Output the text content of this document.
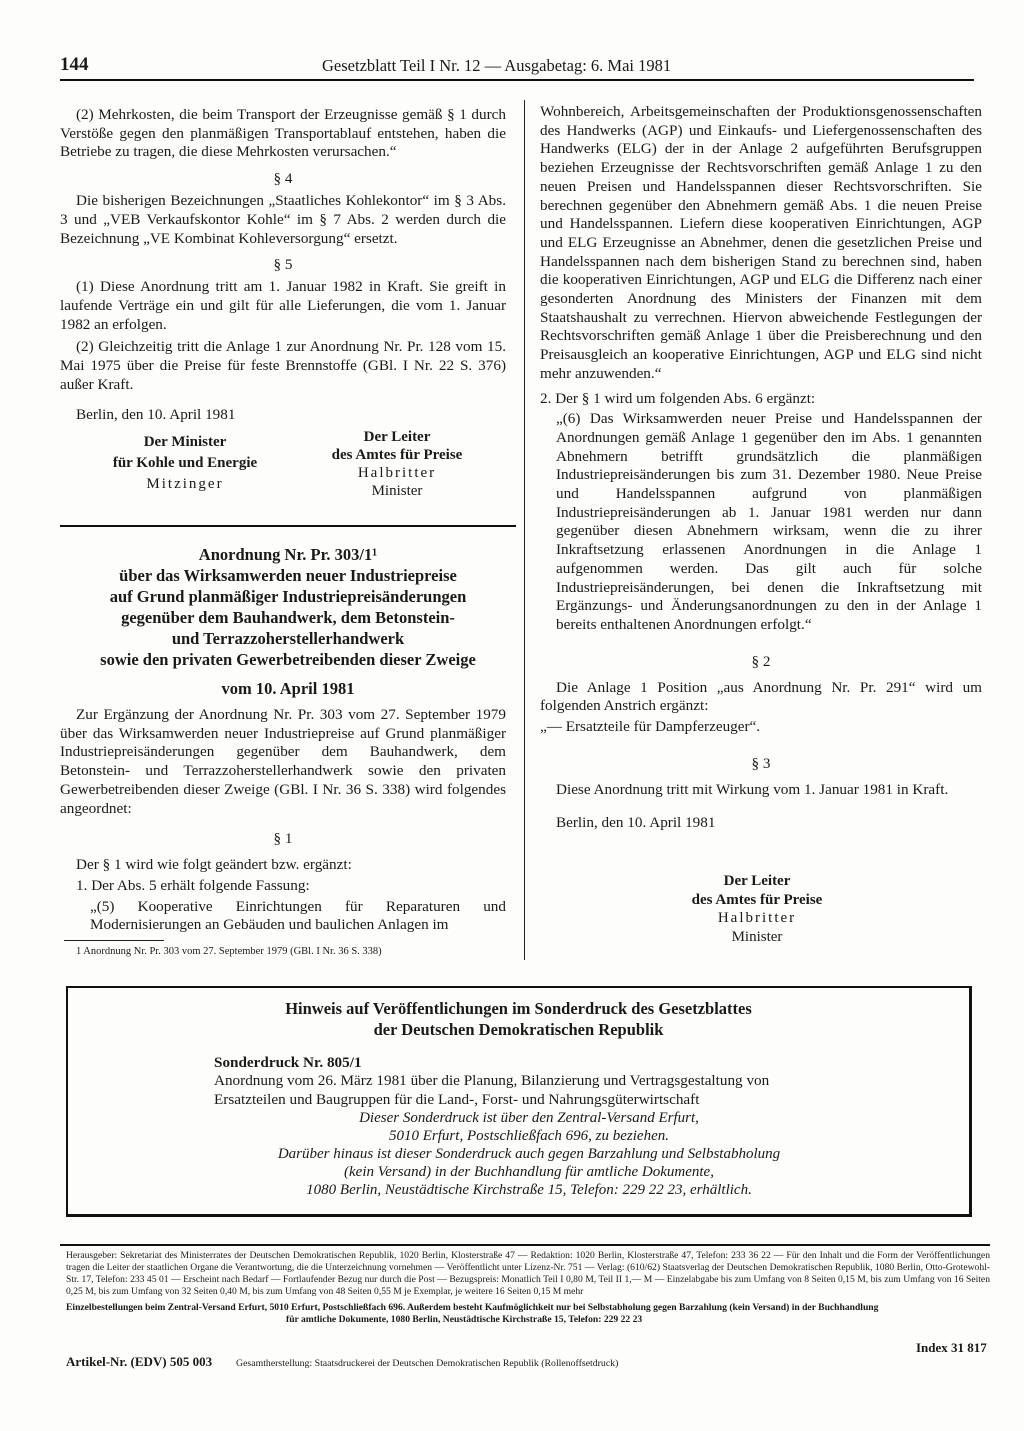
144	Gesetzblatt Teil I Nr. 12 — Ausgabetag: 6. Mai 1981

(2) Mehrkosten, die beim Transport der Erzeugnisse gemäß § 1 durch Verstöße gegen den planmäßigen Transportablauf entstehen, haben die Betriebe zu tragen, die diese Mehrkosten verursachen.“

§ 4

Die bisherigen Bezeichnungen „Staatliches Kohlekontor“ im § 3 Abs. 3 und „VEB Verkaufskontor Kohle“ im § 7 Abs. 2 werden durch die Bezeichnung „VE Kombinat Kohleversorgung“ ersetzt.

§ 5

(1) Diese Anordnung tritt am 1. Januar 1982 in Kraft. Sie greift in laufende Verträge ein und gilt für alle Lieferungen, die vom 1. Januar 1982 an erfolgen.

(2) Gleichzeitig tritt die Anlage 1 zur Anordnung Nr. Pr. 128 vom 15. Mai 1975 über die Preise für feste Brennstoffe (GBl. I Nr. 22 S. 376) außer Kraft.

Berlin, den 10. April 1981

Der Minister
für Kohle und Energie
Mitzinger
Der Leiter
des Amtes für Preise
Halbritter
Minister

Anordnung Nr. Pr. 303/1¹

über das Wirksamwerden neuer Industriepreise

auf Grund planmäßiger Industriepreisänderungen

gegenüber dem Bauhandwerk, dem Betonstein-

und Terrazzoherstellerhandwerk

sowie den privaten Gewerbetreibenden dieser Zweige

vom 10. April 1981

Zur Ergänzung der Anordnung Nr. Pr. 303 vom 27. September 1979 über das Wirksamwerden neuer Industriepreise auf Grund planmäßiger Industriepreisänderungen gegenüber dem Bauhandwerk, dem Betonstein- und Terrazzoherstellerhandwerk sowie den privaten Gewerbetreibenden dieser Zweige (GBl. I Nr. 36 S. 338) wird folgendes angeordnet:

§ 1

Der § 1 wird wie folgt geändert bzw. ergänzt:

1. Der Abs. 5 erhält folgende Fassung:

„(5) Kooperative Einrichtungen für Reparaturen und Modernisierungen an Gebäuden und baulichen Anlagen im

1 Anordnung Nr. Pr. 303 vom 27. September 1979 (GBl. I Nr. 36 S. 338)

Wohnbereich, Arbeitsgemeinschaften der Produktionsgenossenschaften des Handwerks (AGP) und Einkaufs- und Liefergenossenschaften des Handwerks (ELG) der in der Anlage 2 aufgeführten Berufsgruppen beziehen Erzeugnisse der Rechtsvorschriften gemäß Anlage 1 zu den neuen Preisen und Handelsspannen dieser Rechtsvorschriften. Sie berechnen gegenüber den Abnehmern gemäß Abs. 1 die neuen Preise und Handelsspannen. Liefern diese kooperativen Einrichtungen, AGP und ELG Erzeugnisse an Abnehmer, denen die gesetzlichen Preise und Handelsspannen nach dem bisherigen Stand zu berechnen sind, haben die kooperativen Einrichtungen, AGP und ELG die Differenz nach einer gesonderten Anordnung des Ministers der Finanzen mit dem Staatshaushalt zu verrechnen. Hiervon abweichende Festlegungen der Rechtsvorschriften gemäß Anlage 1 über die Preisberechnung und den Preisausgleich an kooperative Einrichtungen, AGP und ELG sind nicht mehr anzuwenden.“

2. Der § 1 wird um folgenden Abs. 6 ergänzt:

„(6) Das Wirksamwerden neuer Preise und Handelsspannen der Anordnungen gemäß Anlage 1 gegenüber den im Abs. 1 genannten Abnehmern betrifft grundsätzlich die planmäßigen Industriepreisänderungen bis zum 31. Dezember 1980. Neue Preise und Handelsspannen aufgrund von planmäßigen Industriepreisänderungen ab 1. Januar 1981 werden nur dann gegenüber diesen Abnehmern wirksam, wenn die zu ihrer Inkraftsetzung erlassenen Anordnungen in die Anlage 1 aufgenommen werden. Das gilt auch für solche Industriepreisänderungen, bei denen die Inkraftsetzung mit Ergänzungs- und Änderungsanordnungen zu den in der Anlage 1 bereits enthaltenen Anordnungen erfolgt.“

§ 2

Die Anlage 1 Position „aus Anordnung Nr. Pr. 291“ wird um folgenden Anstrich ergänzt:

„— Ersatzteile für Dampferzeuger“.

§ 3

Diese Anordnung tritt mit Wirkung vom 1. Januar 1981 in Kraft.

Berlin, den 10. April 1981

Der Leiter
des Amtes für Preise
Halbritter
Minister

Hinweis auf Veröffentlichungen im Sonderdruck des Gesetzblattes

der Deutschen Demokratischen Republik

Sonderdruck Nr. 805/1

Anordnung vom 26. März 1981 über die Planung, Bilanzierung und Vertragsgestaltung von Ersatzteilen und Baugruppen für die Land-, Forst- und Nahrungsgüterwirtschaft

Dieser Sonderdruck ist über den Zentral-Versand Erfurt,
5010 Erfurt, Postschließfach 696, zu beziehen.
Darüber hinaus ist dieser Sonderdruck auch gegen Barzahlung und Selbstabholung
(kein Versand) in der Buchhandlung für amtliche Dokumente,
1080 Berlin, Neustädtische Kirchstraße 15, Telefon: 229 22 23, erhältlich.

Herausgeber: Sekretariat des Ministerrates der Deutschen Demokratischen Republik, 1020 Berlin, Klosterstraße 47 — Redaktion: 1020 Berlin, Klosterstraße 47, Telefon: 233 36 22 — Für den Inhalt und die Form der Veröffentlichungen tragen die Leiter der staatlichen Organe die Verantwortung, die die Unterzeichnung vornehmen — Veröffentlicht unter Lizenz-Nr. 751 — Verlag: (610/62) Staatsverlag der Deutschen Demokratischen Republik, 1080 Berlin, Otto-Grotewohl-Str. 17, Telefon: 233 45 01 — Erscheint nach Bedarf — Fortlaufender Bezug nur durch die Post — Bezugspreis: Monatlich Teil I 0,80 M, Teil II 1,— M — Einzelabgabe bis zum Umfang von 8 Seiten 0,15 M, bis zum Umfang von 16 Seiten 0,25 M, bis zum Umfang von 32 Seiten 0,40 M, bis zum Umfang von 48 Seiten 0,55 M je Exemplar, je weitere 16 Seiten 0,15 M mehr

Einzelbestellungen beim Zentral-Versand Erfurt, 5010 Erfurt, Postschließfach 696. Außerdem besteht Kaufmöglichkeit nur bei Selbstabholung gegen Barzahlung (kein Versand) in der Buchhandlung

für amtliche Dokumente, 1080 Berlin, Neustädtische Kirchstraße 15, Telefon: 229 22 23

Artikel-Nr. (EDV) 505 003 Gesamtherstellung: Staatsdruckerei der Deutschen Demokratischen Republik (Rollenoffsetdruck)
Index 31 817
